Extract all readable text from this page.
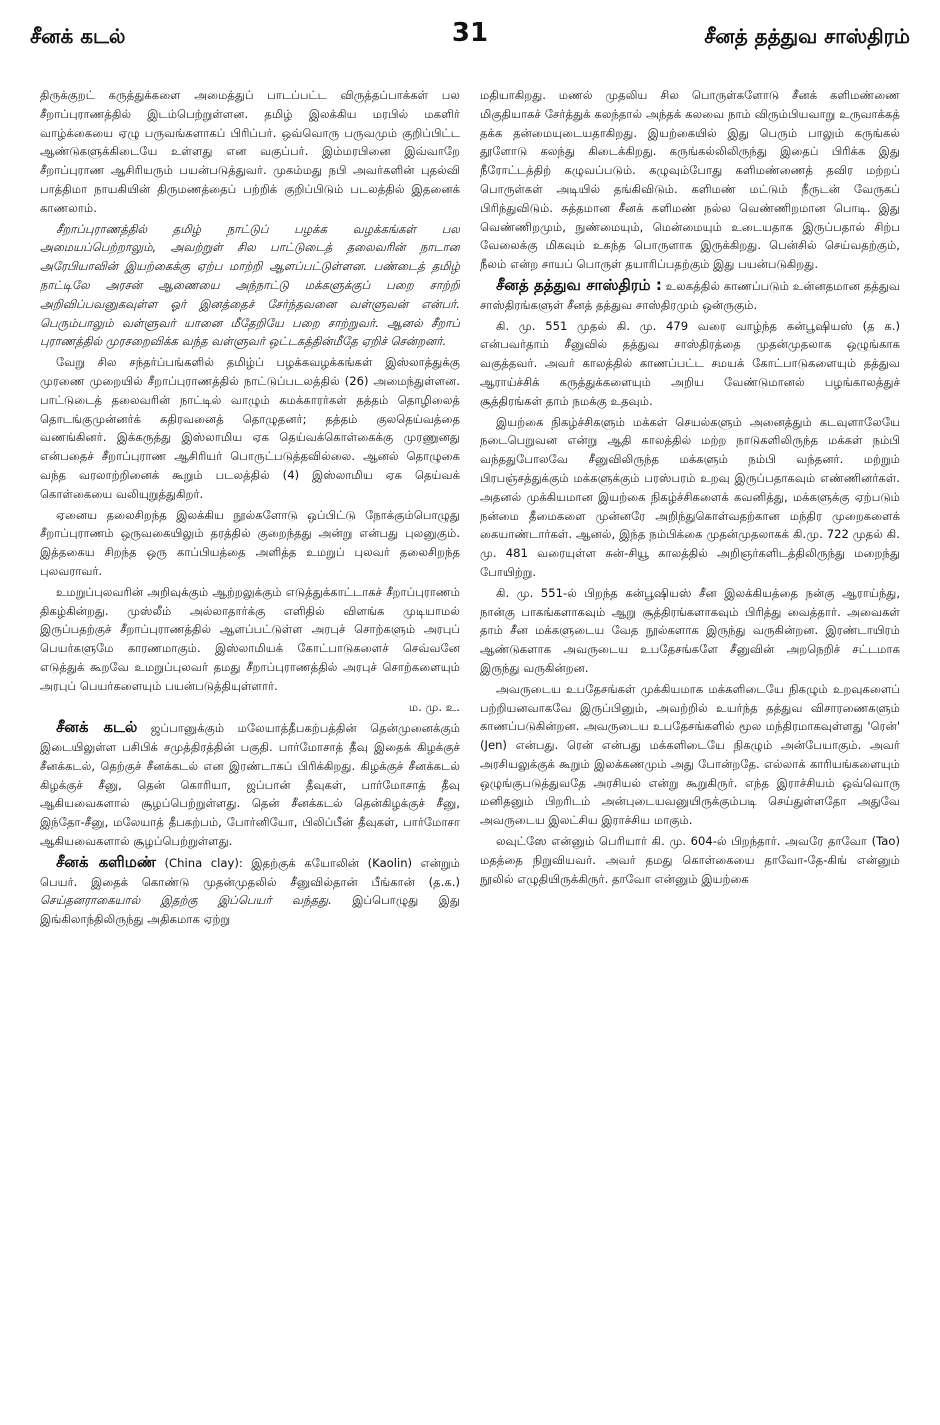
சீனக் கடல்	31	சீனத் தத்துவ சாஸ்திரம்

திருக்குறட் கருத்துக்களை அமைத்துப் பாடப்பட்ட விருத்தப்பாக்கள் பல சீறாப்புராணத்தில் இடம்பெற்றுள்ளன. தமிழ் இலக்கிய மரபில் மகளிர் வாழ்க்கையை ஏழு பருவங்களாகப் பிரிப்பர். ஒவ்வொரு பருவமும் குறிப்பிட்ட ஆண்டுகளுக்கிடையே உள்ளது என வகுப்பர். இம்மரபினை இவ்வாறே சீறாப்புராண ஆசிரியரும் பயன்படுத்துவர். முகம்மது நபி அவர்களின் புதல்வி பாத்திமா நாயகியின் திருமணத்தைப் பற்றிக் குறிப்பிடும் படலத்தில் இதனைக் காணலாம்.

சீறாப்புராணத்தில் தமிழ் நாட்டுப் பழக்க வழக்கங்கள் பல அமையப்பெற்றாலும், அவற்றுள் சில பாட்டுடைத் தலைவரின் நாடான அரேபியாவின் இயற்கைக்கு ஏற்ப மாற்றி ஆளப்பட்டுள்ளன. பண்டைத் தமிழ் நாட்டிலே அரசன் ஆணையை அந்நாட்டு மக்களுக்குப் பறை சாற்றி அறிவிப்பவனுகவுள்ள ஓர் இனத்தைச் சேர்ந்தவனை வள்ளுவன் என்பர். பெரும்பாலும் வள்ளுவர் யானை மீதேறியே பறை சாற்றுவர். ஆனல் சீறாப் புராணத்தில் முரசறைவிக்க வந்த வள்ளுவர் ஒட்டகத்தின்மீதே ஏறிச் சென்றனர்.

வேறு சில சந்தர்ப்பங்களில் தமிழ்ப் பழக்கவழக்கங்கள் இஸ்லாத்துக்கு முரணை முறையில் சீறாப்புராணத்தில் நாட்டுப்படலத்தில் (26) அமைந்துள்ளன. பாட்டுடைத் தலைவரின் நாட்டில் வாழும் கமக்காரர்கள் தத்தம் தொழிலைத் தொடங்குமுன்னர்க் கதிரவனைத் தொழுதனர்; தத்தம் குலதெய்வத்தை வணங்கினர். இக்கருத்து இஸ்லாமிய ஏக தெய்வக்கொள்கைக்கு முரணுனது என்பதைச் சீறாப்புராண ஆசிரியர் பொருட்படுத்தவில்லை. ஆனல் தொழுகை வந்த வரலாற்றினைக் கூறும் படலத்தில் (4) இஸ்லாமிய ஏக தெய்வக் கொள்கையை வலியுறுத்துகிறர்.

ஏனைய தலைசிறந்த இலக்கிய நூல்களோடு ஒப்பிட்டு நோக்கும்பொழுது சீறாப்புராணம் ஒருவகையிலும் தரத்தில் குறைந்தது அன்று என்பது புலனுகும். இத்தகைய சிறந்த ஒரு காப்பியத்தை அளித்த உமறுப் புலவர் தலைசிறந்த புலவராவர்.

உமறுப்புலவரின் அறிவுக்கும் ஆற்றலுக்கும் எடுத்துக்காட்டாகச் சீறாப்புராணம் திகழ்கின்றது. முஸ்லீம் அல்லாதார்க்கு எளிதில் விளங்க முடியாமல் இருப்பதற்குச் சீறாப்புராணத்தில் ஆளப்பட்டுள்ள அரபுச் சொற்களும் அரபுப் பெயர்களுமே காரணமாகும். இஸ்லாமியக் கோட்பாடுகளைச் செவ்வனே எடுத்துக் கூறவே உமறுப்புலவர் தமது சீறாப்புராணத்தில் அரபுச் சொற்களையும் அரபுப் பெயர்களையும் பயன்படுத்தியுள்ளார்.

ம. மு. உ.

சீனக் கடல் ஜப்பானுக்கும் மலேயாத்தீபகற்பத்தின் தென்முனைக்கும் இடையிலுள்ள பசிபிக் சமுத்திரத்தின் பகுதி. பார்மோசாத் தீவு இதைக் கிழக்குச் சீனக்கடல், தெற்குச் சீனக்கடல் என இரண்டாகப் பிரிக்கிறது. கிழக்குச் சீனக்கடல் கிழக்குச் சீனு, தென் கொரியா, ஜப்பான் தீவுகள், பார்மோசாத் தீவு ஆகியவைகளால் சூழப்பெற்றுள்ளது. தென் சீனக்கடல் தென்கிழக்குச் சீனு, இந்தோ-சீனு, மலேயாத் தீபகற்பம், போர்னியோ, பிலிப்பீன் தீவுகள், பார்மோசா ஆகியவைகளால் சூழப்பெற்றுள்ளது.

சீனக் களிமண் (China clay): இதற்குக் கயோலின் (Kaolin) என்றும் பெயர். இதைக் கொண்டு முதன்முதலில் சீனுவில்தான் பீங்கான் (த.க.) செய்தனராகையால் இதற்கு இப்பெயர் வந்தது. இப்பொழுது இது இங்கிலாந்திலிருந்து அதிகமாக ஏற்று

மதியாகிறது. மணல் முதலிய சில பொருள்களோடு சீனக் களிமண்ணை மிகுதியாகச் சேர்த்துக் கலந்தால் அந்தக் கலவை நாம் விரும்பியவாறு உருவாக்கத் தக்க தன்மையுடையதாகிறது. இயற்கையில் இது பெரும் பாலும் கருங்கல் தூளோடு கலந்து கிடைக்கிறது. கருங்கல்லிலிருந்து இதைப் பிரிக்க இது நீரோட்டத்திற் கழுவப்படும். கழுவும்போது களிமண்ணைத் தவிர மற்றப் பொருள்கள் அடியில் தங்கிவிடும். களிமண் மட்டும் நீருடன் வேருகப் பிரிந்துவிடும். சுத்தமான சீனக் களிமண் நல்ல வெண்ணிறமான பொடி. இது வெண்ணிறமும், நுண்மையும், மென்மையும் உடையதாக இருப்பதால் சிற்ப வேலைக்கு மிகவும் உகந்த பொருளாக இருக்கிறது. பென்சில் செய்வதற்கும், நீலம் என்ற சாயப் பொருள் தயாரிப்பதற்கும் இது பயன்படுகிறது.

சீனத் தத்துவ சாஸ்திரம் : உலகத்தில் காணப்படும் உன்னதமான தத்துவ சாஸ்திரங்களுள் சீனத் தத்துவ சாஸ்திரமும் ஒன்ருகும்.

கி. மு. 551 முதல் கி. மு. 479 வரை வாழ்ந்த கன்பூஷியஸ் (த க.) என்பவர்தாம் சீனுவில் தத்துவ சாஸ்திரத்தை முதன்முதலாக ஒழுங்காக வகுத்தவர். அவர் காலத்தில் காணப்பட்ட சமயக் கோட்பாடுகளையும் தத்துவ ஆராய்ச்சிக் கருத்துக்களையும் அறிய வேண்டுமானல் பழங்காலத்துச் சூத்திரங்கள் தாம் நமக்கு உதவும்.

இயற்கை நிகழ்ச்சிகளும் மக்கள் செயல்களும் அனைத்தும் கடவுளாலேயே நடைபெறுவன என்று ஆதி காலத்தில் மற்ற நாடுகளிலிருந்த மக்கள் நம்பி வந்ததுபோலவே சீனுவிலிருந்த மக்களும் நம்பி வந்தனர். மற்றும் பிரபஞ்சத்துக்கும் மக்களுக்கும் பரஸ்பரம் உறவு இருப்பதாகவும் எண்ணினர்கள். அதனல் முக்கியமான இயற்கை நிகழ்ச்சிகளைக் கவனித்து, மக்களுக்கு ஏற்படும் நன்மை தீமைகளை முன்னரே அறிந்துகொள்வதற்கான மந்திர முறைகளைக் கையாண்டார்கள். ஆனல், இந்த நம்பிக்கை முதன்முதலாகக் கி.மு. 722 முதல் கி. மு. 481 வரையுள்ள சுன்-சியூ காலத்தில் அறிஞர்களிடத்திலிருந்து மறைந்து போயிற்று.

கி. மு. 551-ல் பிறந்த கன்பூஷியஸ் சீன இலக்கியத்தை நன்கு ஆராய்ந்து, நான்கு பாகங்களாகவும் ஆறு சூத்திரங்களாகவும் பிரித்து வைத்தார். அவைகள் தாம் சீன மக்களுடைய வேத நூல்களாக இருந்து வருகின்றன. இரண்டாயிரம் ஆண்டுகளாக அவருடைய உபதேசங்களே சீனுவின் அறநெறிச் சட்டமாக இருந்து வருகின்றன.

அவருடைய உபதேசங்கள் முக்கியமாக மக்களிடையே நிகழும் உறவுகளைப் பற்றியனவாகவே இருப்பினும், அவற்றில் உயர்ந்த தத்துவ விசாரணைகளும் காணப்படுகின்றன. அவருடைய உபதேசங்களில் மூல மந்திரமாகவுள்ளது 'ரென்' (Jen) என்பது. ரென் என்பது மக்களிடையே நிகழும் அன்பேயாகும். அவர் அரசியலுக்குக் கூறும் இலக்கணமும் அது போன்றதே. எல்லாக் காரியங்களையும் ஒழுங்குபடுத்துவதே அரசியல் என்று கூறுகிருர். எந்த இராச்சியம் ஒவ்வொரு மனிதனும் பிறரிடம் அன்புடையவனுயிருக்கும்படி செய்துள்ளதோ அதுவே அவருடைய இலட்சிய இராச்சிய மாகும்.

லவுட்ஸே என்னும் பெரியார் கி. மு. 604-ல் பிறந்தார். அவரே தாவோ (Tao) மதத்தை நிறுவியவர். அவர் தமது கொள்கையை தாவோ-தே-கிங் என்னும் நூலில் எழுதியிருக்கிருர். தாவோ என்னும் இயற்கை
